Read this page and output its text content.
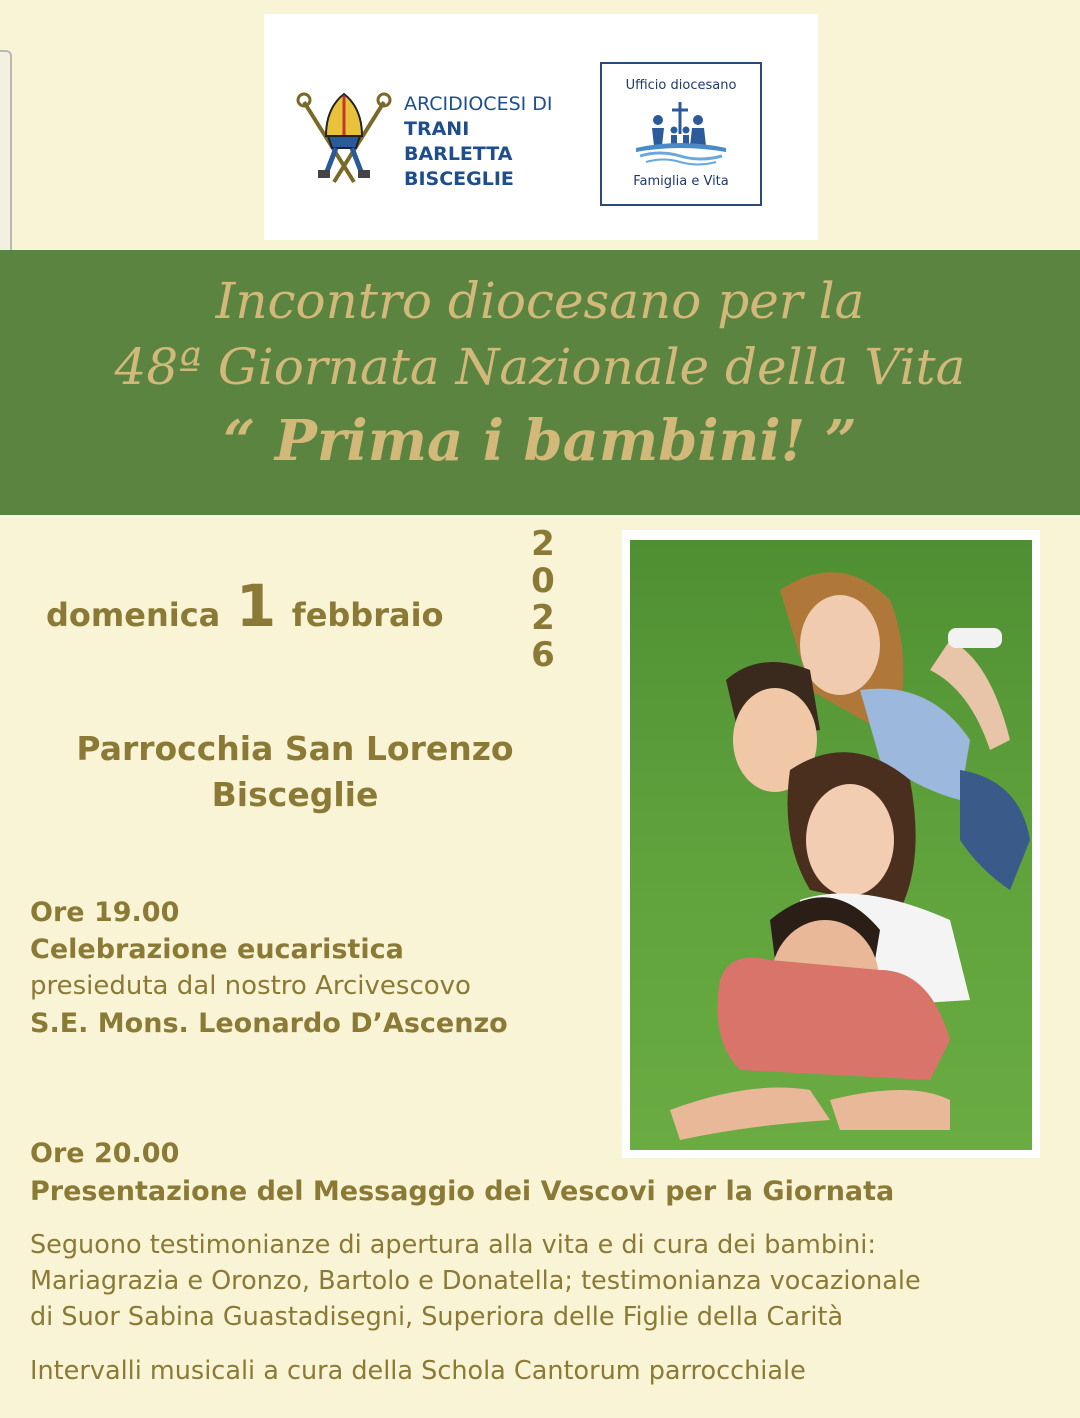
ARCIDIOCESI DI
TRANI
BARLETTA
BISCEGLIE
Ufficio diocesano
Famiglia e Vita
Incontro diocesano per la
48ª Giornata Nazionale della Vita
“ Prima i bambini! ”
domenica 1 febbraio
2
0
2
6
Parrocchia San Lorenzo
Bisceglie
Ore 19.00
Celebrazione eucaristica
presieduta dal nostro Arcivescovo
S.E. Mons. Leonardo D’Ascenzo
Ore 20.00
Presentazione del Messaggio dei Vescovi per la Giornata
Seguono testimonianze di apertura alla vita e di cura dei bambini:
Mariagrazia e Oronzo, Bartolo e Donatella; testimonianza vocazionale
di Suor Sabina Guastadisegni, Superiora delle Figlie della Carità
Intervalli musicali a cura della Schola Cantorum parrocchiale
